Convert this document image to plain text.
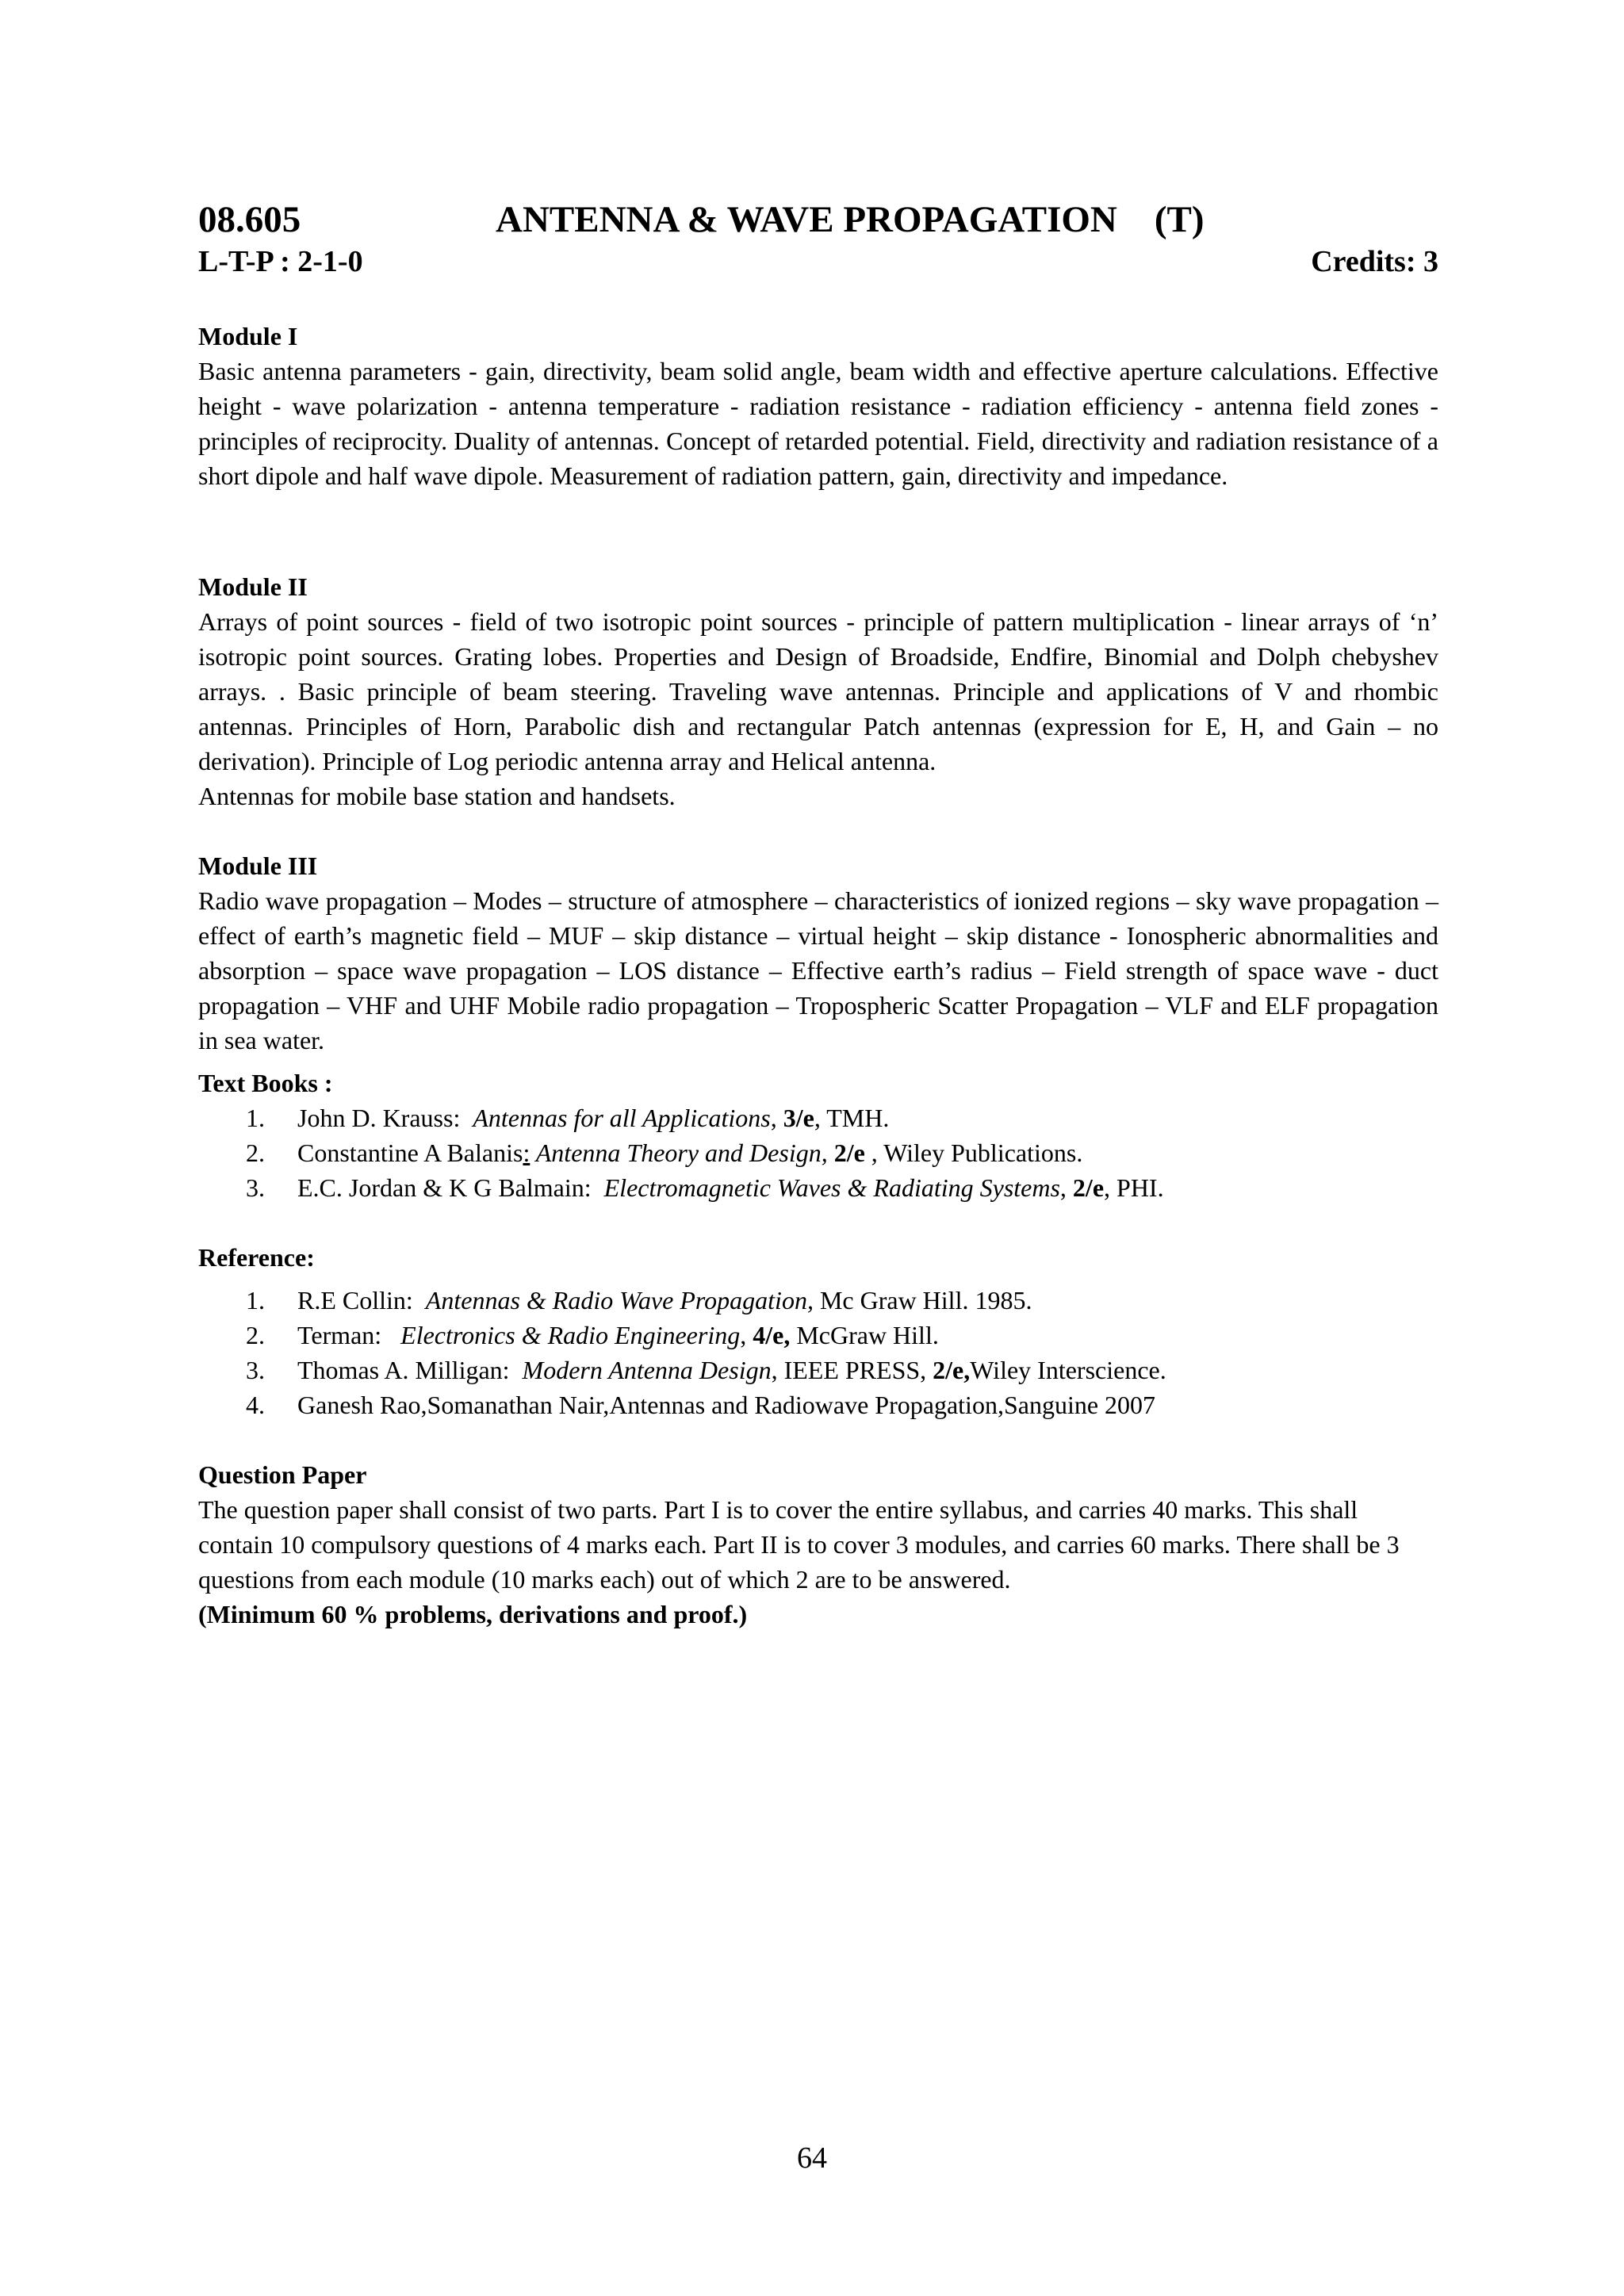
08.605	ANTENNA & WAVE PROPAGATION    (T)
L-T-P : 2-1-0	Credits: 3

Module I

Basic antenna parameters - gain, directivity, beam solid angle, beam width and effective aperture calculations. Effective height - wave polarization - antenna temperature - radiation resistance - radiation efficiency - antenna field zones - principles of reciprocity. Duality of antennas. Concept of retarded potential. Field, directivity and radiation resistance of a short dipole and half wave dipole. Measurement of radiation pattern, gain, directivity and impedance.

Module II

Arrays of point sources - field of two isotropic point sources - principle of pattern multiplication - linear arrays of ‘n’ isotropic point sources. Grating lobes. Properties and Design of Broadside, Endfire, Binomial and Dolph chebyshev arrays. . Basic principle of beam steering. Traveling wave antennas. Principle and applications of V and rhombic antennas. Principles of Horn, Parabolic dish and rectangular Patch antennas (expression for E, H, and Gain – no derivation). Principle of Log periodic antenna array and Helical antenna.

Antennas for mobile base station and handsets.

Module III

Radio wave propagation – Modes – structure of atmosphere – characteristics of ionized regions – sky wave propagation – effect of earth’s magnetic field – MUF – skip distance – virtual height – skip distance - Ionospheric abnormalities and absorption – space wave propagation – LOS distance – Effective earth’s radius – Field strength of space wave - duct propagation – VHF and UHF Mobile radio propagation – Tropospheric Scatter Propagation – VLF and ELF propagation in sea water.

Text Books :

1. John D. Krauss:  Antennas for all Applications, 3/e, TMH.
2. Constantine A Balanis: Antenna Theory and Design, 2/e , Wiley Publications.
3. E.C. Jordan & K G Balmain:  Electromagnetic Waves & Radiating Systems, 2/e, PHI.

Reference:

1. R.E Collin:  Antennas & Radio Wave Propagation, Mc Graw Hill. 1985.
2. Terman:   Electronics & Radio Engineering, 4/e, McGraw Hill.
3. Thomas A. Milligan:  Modern Antenna Design, IEEE PRESS, 2/e,Wiley Interscience.
4. Ganesh Rao,Somanathan Nair,Antennas and Radiowave Propagation,Sanguine 2007

Question Paper

The question paper shall consist of two parts. Part I is to cover the entire syllabus, and carries 40 marks. This shall contain 10 compulsory questions of 4 marks each. Part II is to cover 3 modules, and carries 60 marks. There shall be 3 questions from each module (10 marks each) out of which 2 are to be answered.

(Minimum 60 % problems, derivations and proof.)

64
